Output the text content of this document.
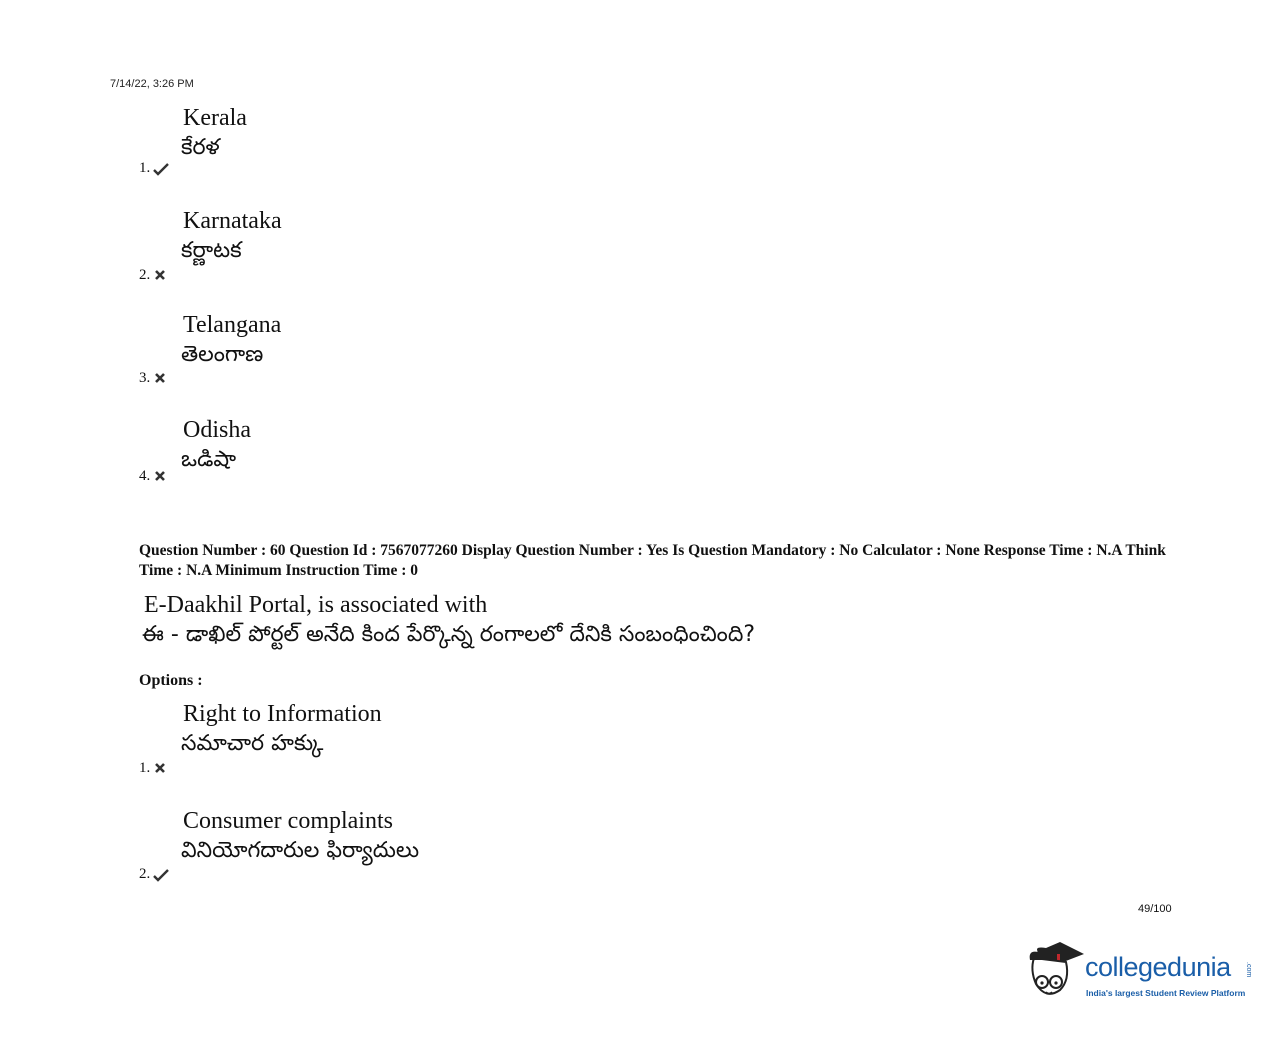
7/14/22, 3:26 PM
Kerala
కేరళ
1.
Karnataka
కర్ణాటక
2.
Telangana
తెలంగాణ
3.
Odisha
ఒడిషా
4.
Question Number : 60 Question Id : 7567077260 Display Question Number : Yes Is Question Mandatory : No Calculator : None Response Time : N.A Think Time : N.A Minimum Instruction Time : 0
E-Daakhil Portal, is associated with
ఈ - డాఖిల్ పోర్టల్ అనేది కింద పేర్కొన్న రంగాలలో దేనికి సంబంధించింది?
Options :
Right to Information
సమాచార హక్కు
1.
Consumer complaints
వినియోగదారుల ఫిర్యాదులు
2.
49/100
collegedunia .com
India's largest Student Review Platform
